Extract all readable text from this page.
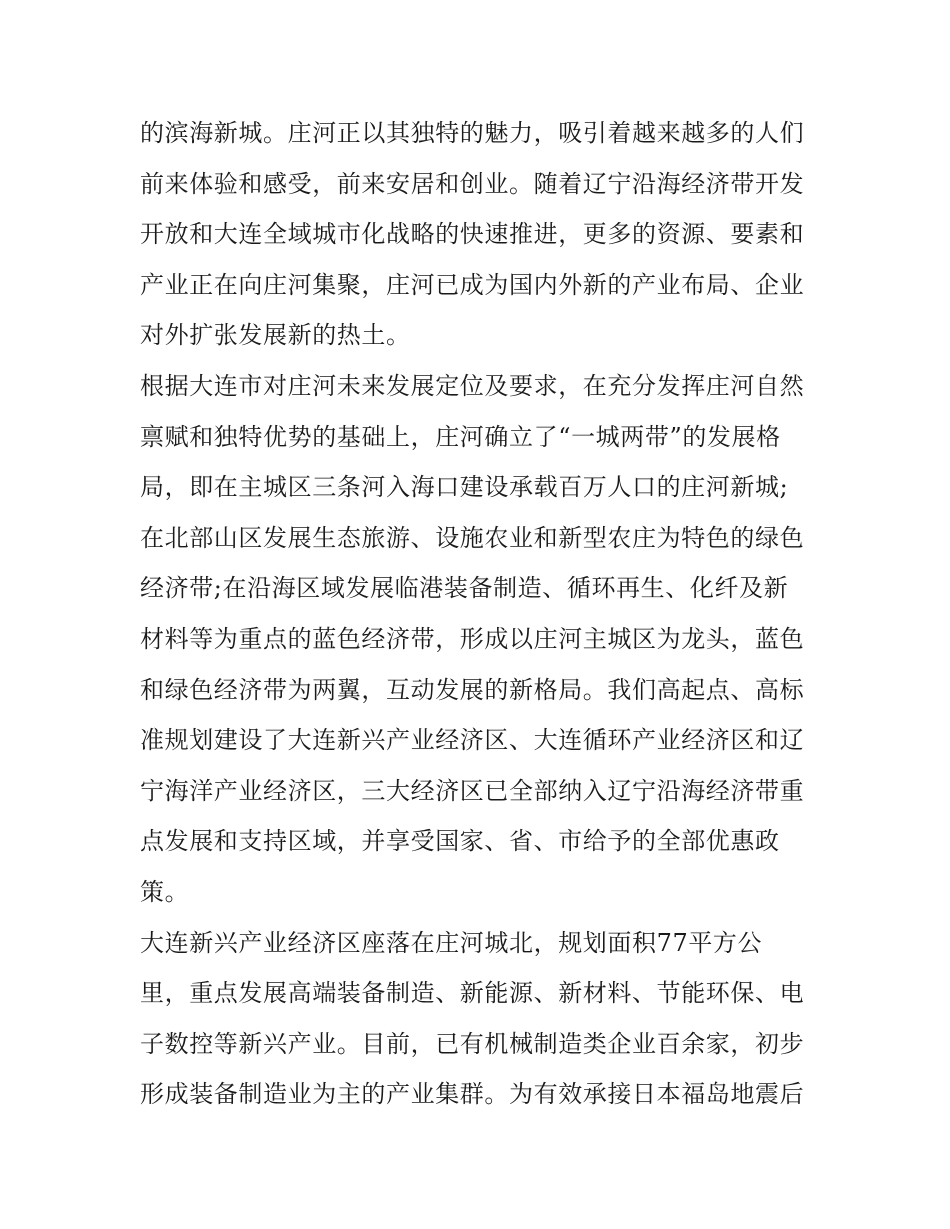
的滨海新城。庄河正以其独特的魅力，吸引着越来越多的人们
前来体验和感受，前来安居和创业。随着辽宁沿海经济带开发
开放和大连全域城市化战略的快速推进，更多的资源、要素和
产业正在向庄河集聚，庄河已成为国内外新的产业布局、企业
对外扩张发展新的热土。
根据大连市对庄河未来发展定位及要求，在充分发挥庄河自然
禀赋和独特优势的基础上，庄河确立了“一城两带”的发展格
局，即在主城区三条河入海口建设承载百万人口的庄河新城;
在北部山区发展生态旅游、设施农业和新型农庄为特色的绿色
经济带;在沿海区域发展临港装备制造、循环再生、化纤及新
材料等为重点的蓝色经济带，形成以庄河主城区为龙头，蓝色
和绿色经济带为两翼，互动发展的新格局。我们高起点、高标
准规划建设了大连新兴产业经济区、大连循环产业经济区和辽
宁海洋产业经济区，三大经济区已全部纳入辽宁沿海经济带重
点发展和支持区域，并享受国家、省、市给予的全部优惠政
策。
大连新兴产业经济区座落在庄河城北，规划面积77平方公
里，重点发展高端装备制造、新能源、新材料、节能环保、电
子数控等新兴产业。目前，已有机械制造类企业百余家，初步
形成装备制造业为主的产业集群。为有效承接日本福岛地震后
